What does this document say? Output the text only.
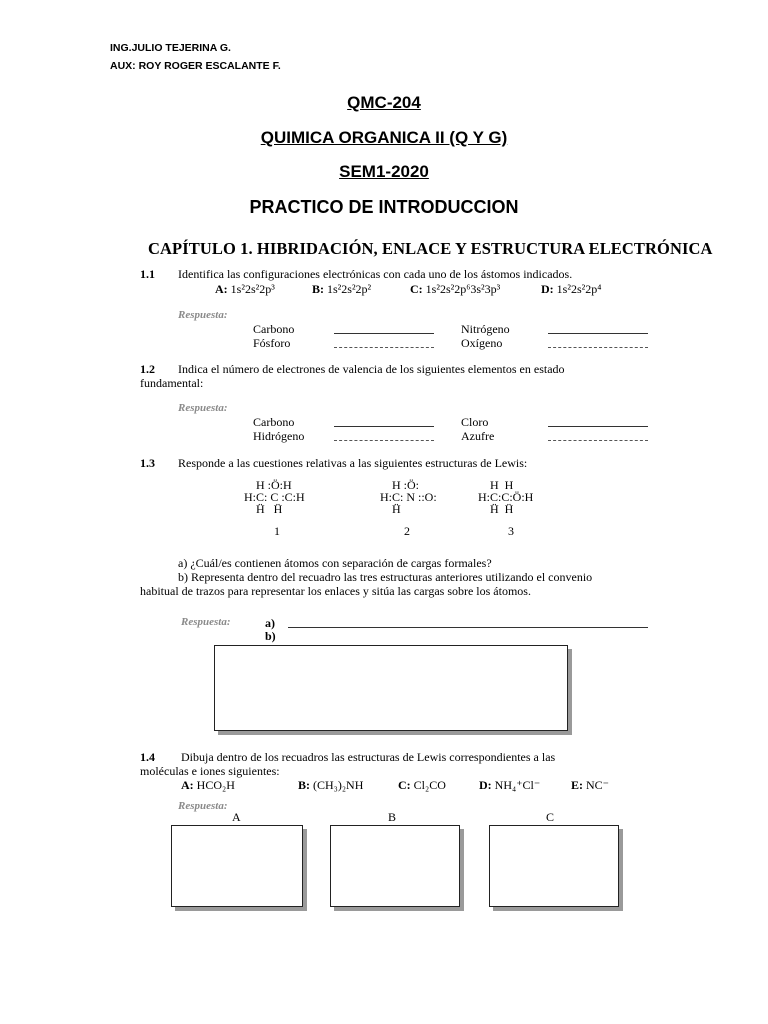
ING.JULIO TEJERINA G.
AUX: ROY ROGER ESCALANTE F.
QMC-204
QUIMICA ORGANICA II (Q Y G)
SEM1-2020
PRACTICO DE INTRODUCCION
CAPÍTULO 1. HIBRIDACIÓN, ENLACE Y ESTRUCTURA ELECTRÓNICA
1.1 Identifica las configuraciones electrónicas con cada uno de los ástomos indicados.
A: 1s²2s²2p³	B: 1s²2s²2p²	C: 1s²2s²2p⁶3s²3p³	D: 1s²2s²2p⁴
Respuesta:
Carbono	Nitrógeno
Fósforo	Oxígeno
1.2 Indica el número de electrones de valencia de los siguientes elementos en estado
fundamental:
Respuesta:
Carbono	Cloro
Hidrógeno	Azufre
1.3 Responde a las cuestiones relativas a las siguientes estructuras de Lewis:
H :Ö:H
H:C: C :C:H
Ḧ   Ḧ
1
H :Ö:
H:C: N ::O:
Ḧ
2
H  H
H:C:C:Ö:H
Ḧ  Ḧ
3
a) ¿Cuál/es contienen átomos con separación de cargas formales?
b) Representa dentro del recuadro las tres estructuras anteriores utilizando el convenio
habitual de trazos para representar los enlaces y sitúa las cargas sobre los átomos.
Respuesta:	a)
b)
1.4 Dibuja dentro de los recuadros las estructuras de Lewis correspondientes a las
moléculas e iones siguientes:
A: HCO₂H	B: (CH₃)₂NH	C: Cl₂CO	D: NH₄⁺Cl⁻	E: NC⁻
Respuesta:
A	B	C
